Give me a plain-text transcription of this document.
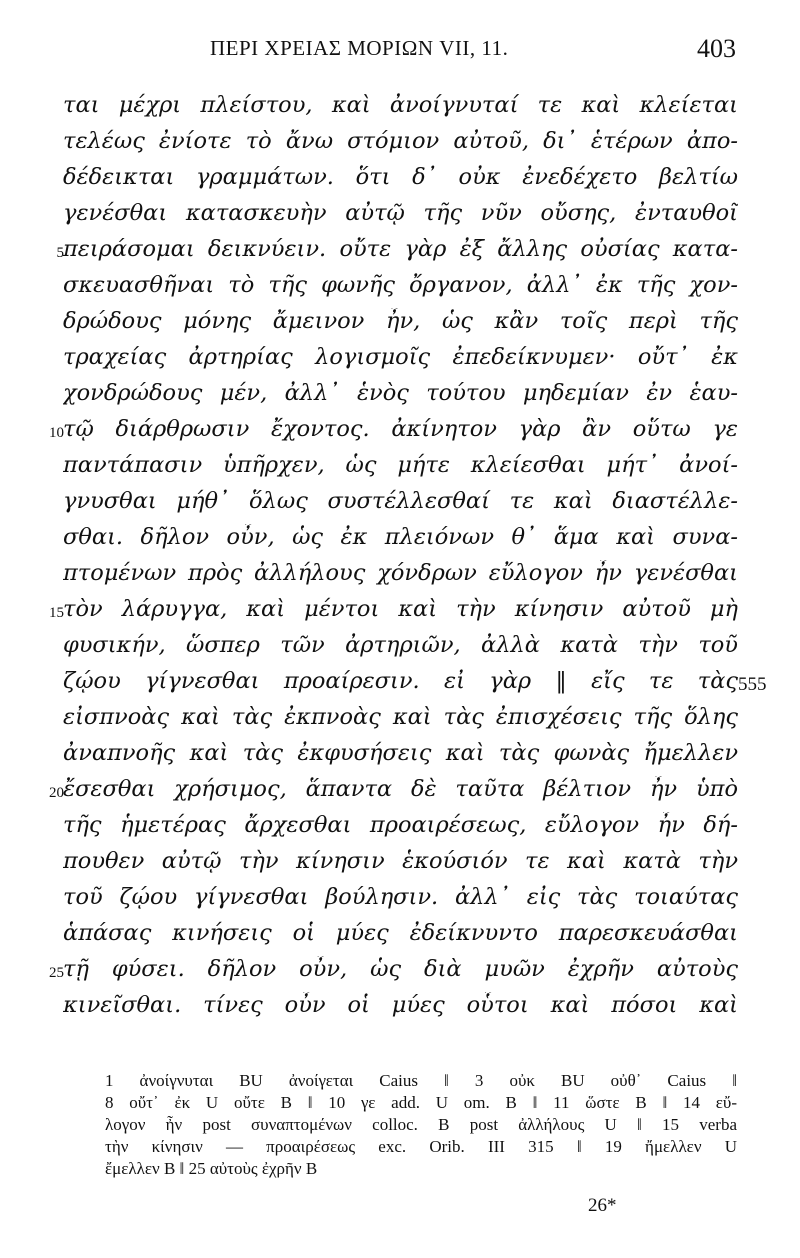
ΠΕΡΙ ΧΡΕΙΑΣ ΜΟΡΙΩΝ VII, 11.	403
ται μέχρι πλείστου, καὶ ἀνοίγνυταί τε καὶ κλείεται
τελέως ἐνίοτε τὸ ἄνω στόμιον αὐτοῦ, δι᾿ ἑτέρων ἀπο-
δέδεικται γραμμάτων. ὅτι δ᾿ οὐκ ἐνεδέχετο βελτίω
γενέσθαι κατασκευὴν αὐτῷ τῆς νῦν οὔσης, ἐνταυθοῖ
5 πειράσομαι δεικνύειν. οὔτε γὰρ ἐξ ἄλλης οὐσίας κατα-
σκευασθῆναι τὸ τῆς φωνῆς ὄργανον, ἀλλ᾿ ἐκ τῆς χον-
δρώδους μόνης ἄμεινον ἦν, ὡς κἂν τοῖς περὶ τῆς
τραχείας ἀρτηρίας λογισμοῖς ἐπεδείκνυμεν· οὔτ᾿ ἐκ
χονδρώδους μέν, ἀλλ᾿ ἑνὸς τούτου μηδεμίαν ἐν ἑαυ-
10 τῷ διάρθρωσιν ἔχοντος. ἀκίνητον γὰρ ἂν οὕτω γε
παντάπασιν ὑπῆρχεν, ὡς μήτε κλείεσθαι μήτ᾿ ἀνοί-
γνυσθαι μήθ᾿ ὅλως συστέλλεσθαί τε καὶ διαστέλλε-
σθαι. δῆλον οὖν, ὡς ἐκ πλειόνων θ᾿ ἅμα καὶ συνα-
πτομένων πρὸς ἀλλήλους χόνδρων εὔλογον ἦν γενέσθαι
15 τὸν λάρυγγα, καὶ μέντοι καὶ τὴν κίνησιν αὐτοῦ μὴ
φυσικήν, ὥσπερ τῶν ἀρτηριῶν, ἀλλὰ κατὰ τὴν τοῦ
ζῴου γίγνεσθαι προαίρεσιν. εἰ γὰρ ‖ εἴς τε τὰς 555
εἰσπνοὰς καὶ τὰς ἐκπνοὰς καὶ τὰς ἐπισχέσεις τῆς ὅλης
ἀναπνοῆς καὶ τὰς ἐκφυσήσεις καὶ τὰς φωνὰς ἤμελλεν
20 ἔσεσθαι χρήσιμος, ἅπαντα δὲ ταῦτα βέλτιον ἦν ὑπὸ
τῆς ἡμετέρας ἄρχεσθαι προαιρέσεως, εὔλογον ἦν δή-
πουθεν αὐτῷ τὴν κίνησιν ἑκούσιόν τε καὶ κατὰ τὴν
τοῦ ζῴου γίγνεσθαι βούλησιν. ἀλλ᾿ εἰς τὰς τοιαύτας
ἁπάσας κινήσεις οἱ μύες ἐδείκνυντο παρεσκευάσθαι
25 τῇ φύσει. δῆλον οὖν, ὡς διὰ μυῶν ἐχρῆν αὐτοὺς
κινεῖσθαι. τίνες οὖν οἱ μύες οὗτοι καὶ πόσοι καὶ
1 ἀνοίγνυται BU ἀνοίγεται Caius ‖ 3 οὐκ BU οὐθ᾿ Caius ‖
8 οὔτ᾿ ἐκ U οὔτε B ‖ 10 γε add. U om. B ‖ 11 ὥστε B ‖ 14 εὔ-
λογον ἦν post συναπτομένων colloc. B post ἀλλήλους U ‖ 15 verba
τὴν κίνησιν — προαιρέσεως exc. Orib. III 315 ‖ 19 ἤμελλεν U
ἔμελλεν B ‖ 25 αὐτοὺς ἐχρῆν B
26*
